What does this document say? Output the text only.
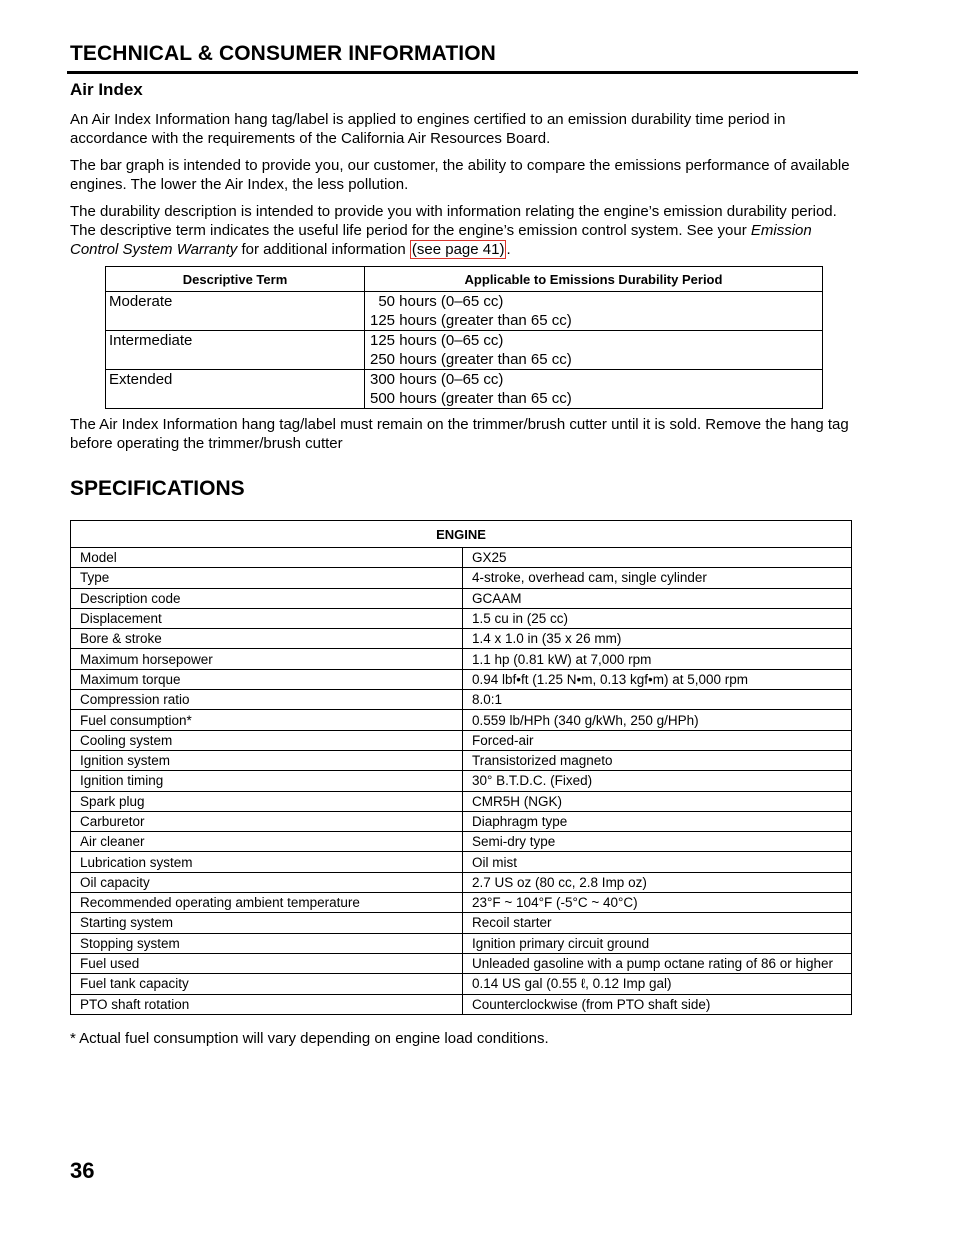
TECHNICAL & CONSUMER INFORMATION
Air Index

An Air Index Information hang tag/label is applied to engines certified to an emission durability time period in accordance with the requirements of the California Air Resources Board.

The bar graph is intended to provide you, our customer, the ability to compare the emissions performance of available engines. The lower the Air Index, the less pollution.

The durability description is intended to provide you with information relating the engine’s emission durability period. The descriptive term indicates the useful life period for the engine’s emission control system. See your Emission Control System Warranty for additional information (see page 41) .

Descriptive Term	Applicable to Emissions Durability Period
Moderate	50 hours (0–65 cc)
125 hours (greater than 65 cc)

Intermediate	125 hours (0–65 cc)
250 hours (greater than 65 cc)

Extended	300 hours (0–65 cc)
500 hours (greater than 65 cc)

The Air Index Information hang tag/label must remain on the trimmer/brush cutter until it is sold. Remove the hang tag before operating the trimmer/brush cutter

SPECIFICATIONS
ENGINE	
Model	GX25
Type	4-stroke, overhead cam, single cylinder
Description code	GCAAM
Displacement	1.5 cu in (25 cc)
Bore & stroke	1.4 x 1.0 in (35 x 26 mm)
Maximum horsepower	1.1 hp (0.81 kW) at 7,000 rpm
Maximum torque	0.94 lbf•ft (1.25 N•m, 0.13 kgf•m) at 5,000 rpm
Compression ratio	8.0:1
Fuel consumption*	0.559 lb/HPh (340 g/kWh, 250 g/HPh)
Cooling system	Forced-air
Ignition system	Transistorized magneto
Ignition timing	30° B.T.D.C. (Fixed)
Spark plug	CMR5H (NGK)
Carburetor	Diaphragm type
Air cleaner	Semi-dry type
Lubrication system	Oil mist
Oil capacity	2.7 US oz (80 cc, 2.8 Imp oz)
Recommended operating ambient temperature	23°F ~ 104°F (-5°C ~ 40°C)
Starting system	Recoil starter
Stopping system	Ignition primary circuit ground
Fuel used	Unleaded gasoline with a pump octane rating of 86 or higher
Fuel tank capacity	0.14 US gal (0.55 ℓ, 0.12 Imp gal)
PTO shaft rotation	Counterclockwise (from PTO shaft side)

* Actual fuel consumption will vary depending on engine load conditions.

36
